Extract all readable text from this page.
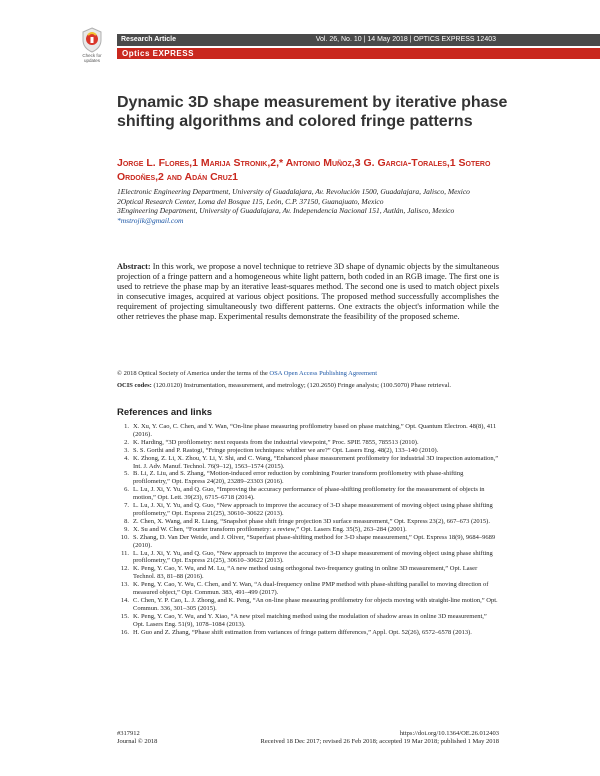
Check for updates
Research Article	Vol. 26, No. 10 | 14 May 2018 | OPTICS EXPRESS 12403
Optics EXPRESS
Dynamic 3D shape measurement by iterative phase shifting algorithms and colored fringe patterns
Jorge L. Flores,1 Marija Stronik,2,* Antonio Muñoz,3 G. Garcia-Torales,1 Sotero Ordoñes,2 and Adán Cruz1
1Electronic Engineering Department, University of Guadalajara, Av. Revolución 1500, Guadalajara, Jalisco, Mexico
2Optical Research Center, Loma del Bosque 115, León, C.P. 37150, Guanajuato, Mexico
3Engineering Department, University of Guadalajara, Av. Independencia Nacional 151, Autlán, Jalisco, Mexico
*mstrojik@gmail.com
Abstract: In this work, we propose a novel technique to retrieve 3D shape of dynamic objects by the simultaneous projection of a fringe pattern and a homogeneous white light pattern, both coded in an RGB image. The first one is used to retrieve the phase map by an iterative least-squares method. The second one is used to match object pixels in consecutive images, acquired at various object positions. The proposed method successfully accomplishes the requirement of projecting simultaneously two different patterns. One extracts the object's information while the other retrieves the phase map. Experimental results demonstrate the feasibility of the proposed scheme.
© 2018 Optical Society of America under the terms of the OSA Open Access Publishing Agreement
OCIS codes: (120.0120) Instrumentation, measurement, and metrology; (120.2650) Fringe analysis; (100.5070) Phase retrieval.
References and links
1. X. Xu, Y. Cao, C. Chen, and Y. Wan, “On-line phase measuring profilometry based on phase matching,” Opt. Quantum Electron. 48(8), 411 (2016).
2. K. Harding, “3D profilometry: next requests from the industrial viewpoint,” Proc. SPIE 7855, 785513 (2010).
3. S. S. Gorthi and P. Rastogi, “Fringe projection techniques: whither we are?” Opt. Lasers Eng. 48(2), 133–140 (2010).
4. K. Zhong, Z. Li, X. Zhou, Y. Li, Y. Shi, and C. Wang, “Enhanced phase measurement profilometry for industrial 3D inspection automation,” Int. J. Adv. Manuf. Technol. 76(9–12), 1563–1574 (2015).
5. B. Li, Z. Liu, and S. Zhang, “Motion-induced error reduction by combining Fourier transform profilometry with phase-shifting profilometry,” Opt. Express 24(20), 23289–23303 (2016).
6. L. Lu, J. Xi, Y. Yu, and Q. Guo, “Improving the accuracy performance of phase-shifting profilometry for the measurement of objects in motion,” Opt. Lett. 39(23), 6715–6718 (2014).
7. L. Lu, J. Xi, Y. Yu, and Q. Guo, “New approach to improve the accuracy of 3-D shape measurement of moving object using phase shifting profilometry,” Opt. Express 21(25), 30610–30622 (2013).
8. Z. Chen, X. Wang, and R. Liang, “Snapshot phase shift fringe projection 3D surface measurement,” Opt. Express 23(2), 667–673 (2015).
9. X. Su and W. Chen, “Fourier transform profilometry: a review,” Opt. Lasers Eng. 35(5), 263–284 (2001).
10. S. Zhang, D. Van Der Weide, and J. Oliver, “Superfast phase-shifting method for 3-D shape measurement,” Opt. Express 18(9), 9684–9689 (2010).
11. L. Lu, J. Xi, Y. Yu, and Q. Guo, “New approach to improve the accuracy of 3-D shape measurement of moving object using phase shifting profilometry,” Opt. Express 21(25), 30610–30622 (2013).
12. K. Peng, Y. Cao, Y. Wu, and M. Lu, “A new method using orthogonal two-frequency grating in online 3D measurement,” Opt. Laser Technol. 83, 81–88 (2016).
13. K. Peng, Y. Cao, Y. Wu, C. Chen, and Y. Wan, “A dual-frequency online PMP method with phase-shifting parallel to moving direction of measured object,” Opt. Commun. 383, 491–499 (2017).
14. C. Chen, Y. P. Cao, L. J. Zhong, and K. Peng, “An on-line phase measuring profilometry for objects moving with straight-line motion,” Opt. Commun. 336, 301–305 (2015).
15. K. Peng, Y. Cao, Y. Wu, and Y. Xiao, “A new pixel matching method using the modulation of shadow areas in online 3D measurement,” Opt. Lasers Eng. 51(9), 1078–1084 (2013).
16. H. Guo and Z. Zhang, “Phase shift estimation from variances of fringe pattern differences,” Appl. Opt. 52(26), 6572–6578 (2013).
#317912
Journal © 2018
https://doi.org/10.1364/OE.26.012403
Received 18 Dec 2017; revised 26 Feb 2018; accepted 19 Mar 2018; published 1 May 2018
